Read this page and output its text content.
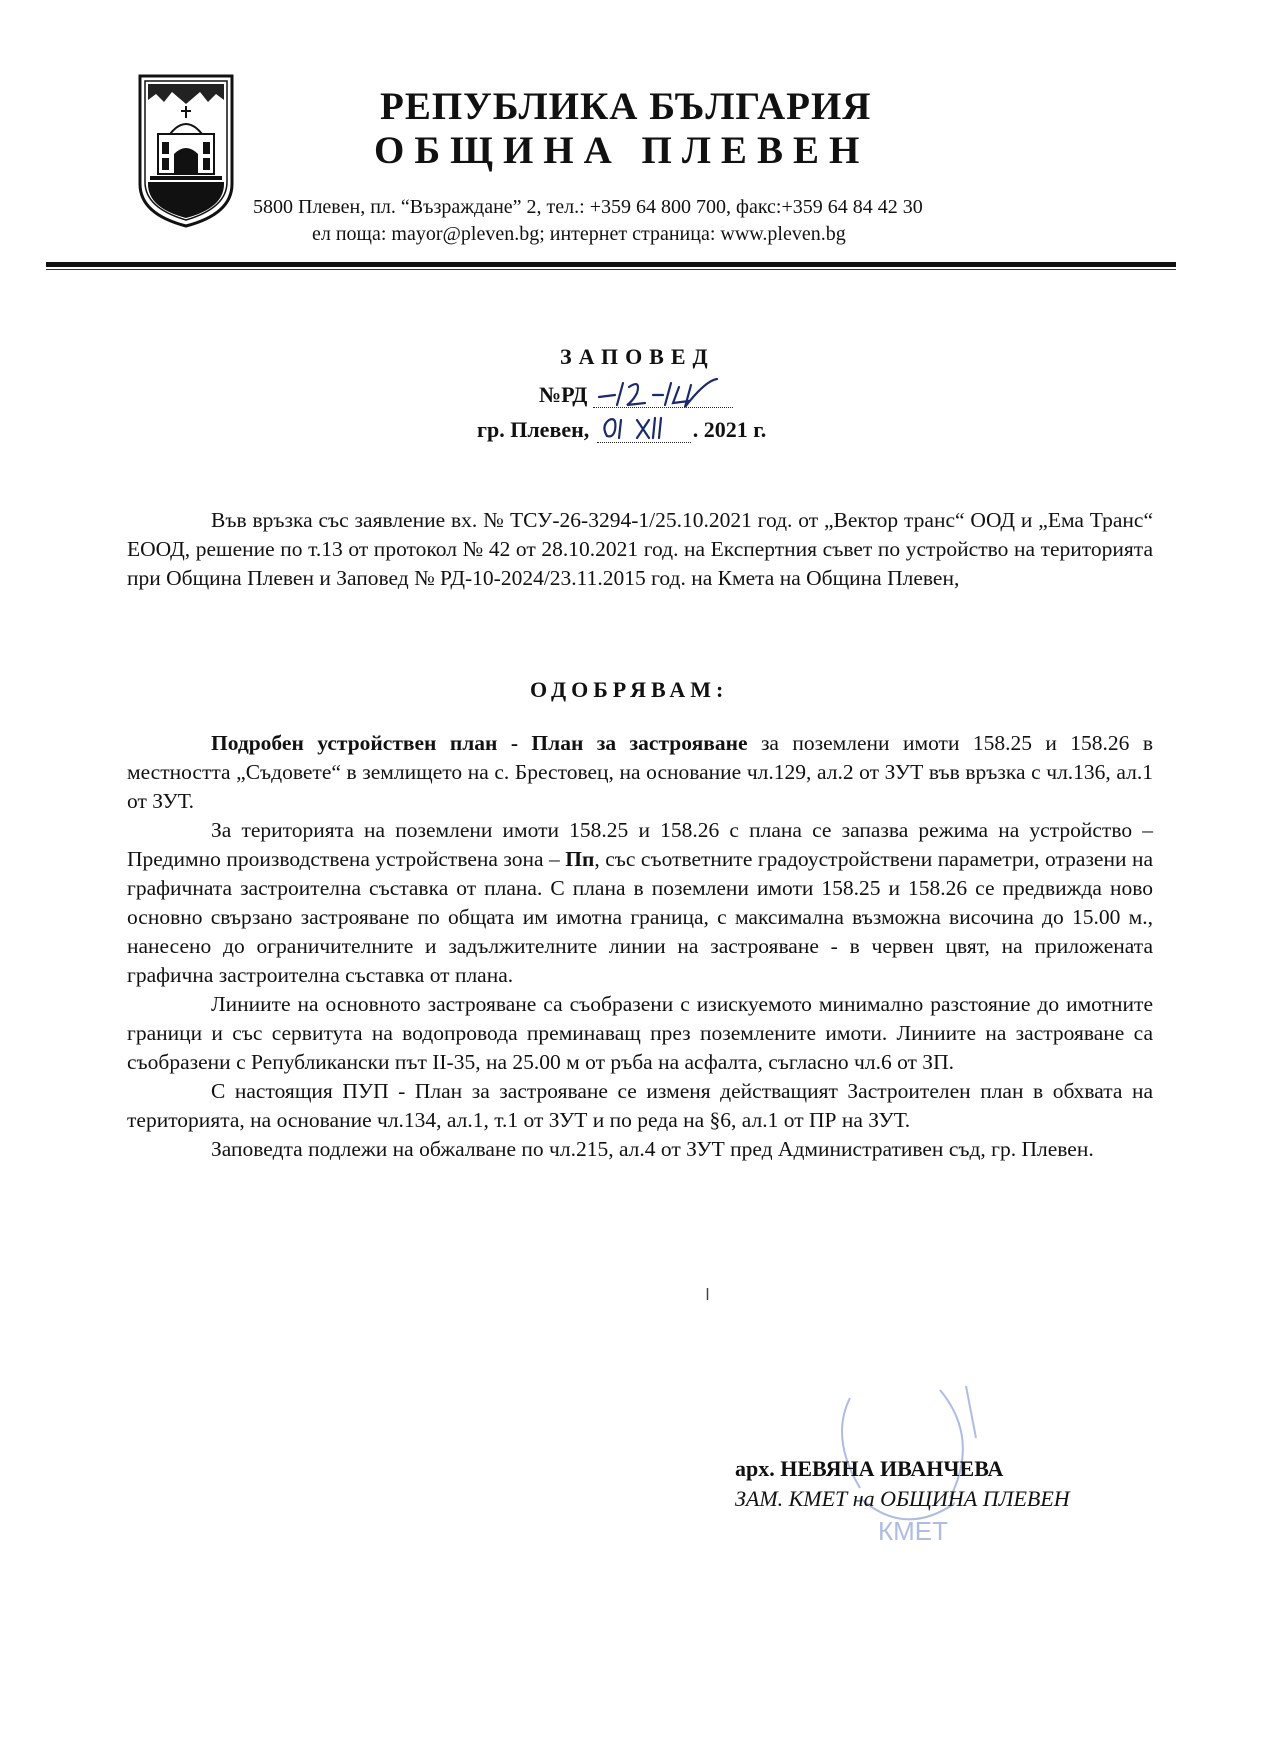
РЕПУБЛИКА БЪЛГАРИЯ
ОБЩИНА ПЛЕВЕН
5800 Плевен, пл. “Възраждане” 2, тел.: +359 64 800 700, факс:+359 64 84 42 30
ел поща: mayor@pleven.bg; интернет страница: www.pleven.bg
ЗАПОВЕД
№РД
гр. Плевен,	. 2021 г.

Във връзка със заявление вх. № ТСУ-26-3294-1/25.10.2021 год. от „Вектор транс“ ООД и „Ема Транс“ ЕООД, решение по т.13 от протокол № 42 от 28.10.2021 год. на Експертния съвет по устройство на територията при Община Плевен и Заповед № РД-10-2024/23.11.2015 год. на Кмета на Община Плевен,

ОДОБРЯВАМ:

Подробен устройствен план - План за застрояване за поземлени имоти 158.25 и 158.26 в местността „Съдовете“ в землището на с. Брестовец, на основание чл.129, ал.2 от ЗУТ във връзка с чл.136, ал.1 от ЗУТ.

За територията на поземлени имоти 158.25 и 158.26 с плана се запазва режима на устройство – Предимно производствена устройствена зона – Пп, със съответните градоустройствени параметри, отразени на графичната застроителна съставка от плана. С плана в поземлени имоти 158.25 и 158.26 се предвижда ново основно свързано застрояване по общата им имотна граница, с максимална възможна височина до 15.00 м., нанесено до ограничителните и задължителните линии на застрояване - в червен цвят, на приложената графична застроителна съставка от плана.

Линиите на основното застрояване са съобразени с изискуемото минимално разстояние до имотните граници и със сервитута на водопровода преминаващ през поземлените имоти. Линиите на застрояване са съобразени с Републикански път II-35, на 25.00 м от ръба на асфалта, съгласно чл.6 от ЗП.

С настоящия ПУП - План за застрояване се изменя действащият Застроителен план в обхвата на територията, на основание чл.134, ал.1, т.1 от ЗУТ и по реда на §6, ал.1 от ПР на ЗУТ.

Заповедта подлежи на обжалване по чл.215, ал.4 от ЗУТ пред Административен съд, гр. Плевен.

КМЕТ
арх. НЕВЯНА ИВАНЧЕВА
ЗАМ. КМЕТ на ОБЩИНА ПЛЕВЕН
